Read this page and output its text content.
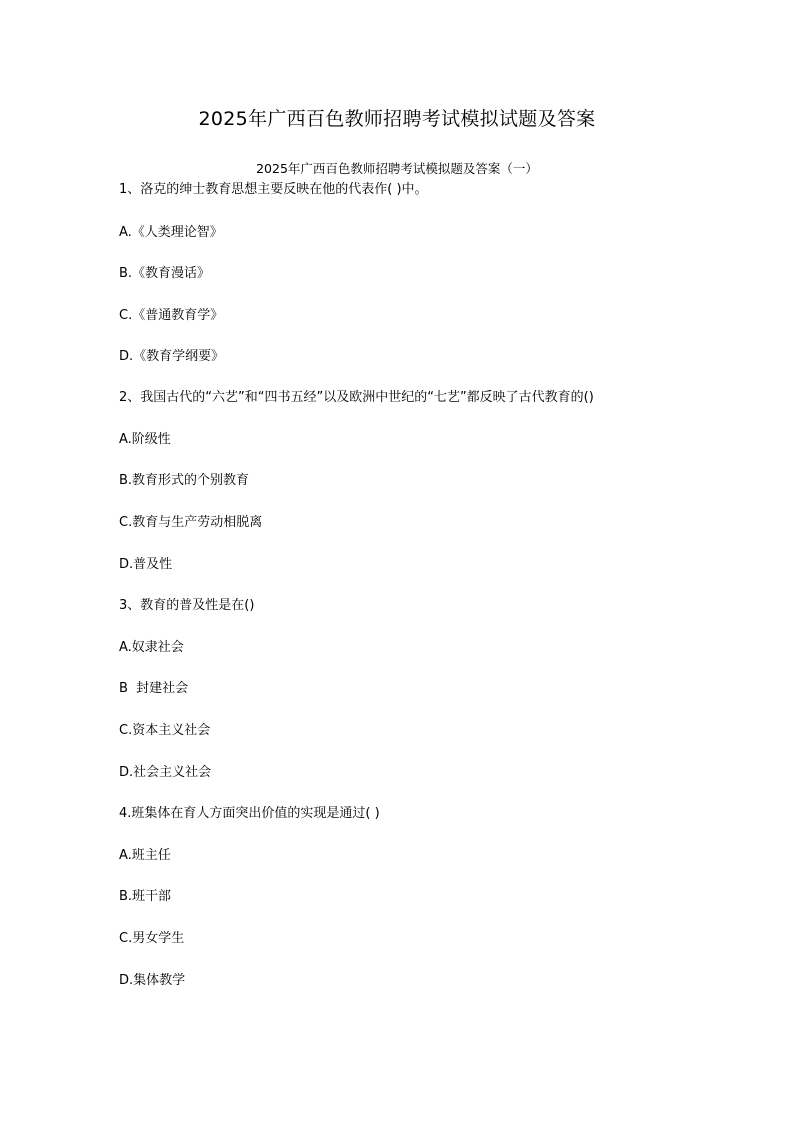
2025年广西百色教师招聘考试模拟试题及答案
2025年广西百色教师招聘考试模拟题及答案（一）
1、洛克的绅士教育思想主要反映在他的代表作( )中。
A.《人类理论智》
B.《教育漫话》
C.《普通教育学》
D.《教育学纲要》
2、我国古代的“六艺”和“四书五经”以及欧洲中世纪的“七艺”都反映了古代教育的()
A.阶级性
B.教育形式的个别教育
C.教育与生产劳动相脱离
D.普及性
3、教育的普及性是在()
A.奴隶社会
B  封建社会
C.资本主义社会
D.社会主义社会
4.班集体在育人方面突出价值的实现是通过( )
A.班主任
B.班干部
C.男女学生
D.集体教学
